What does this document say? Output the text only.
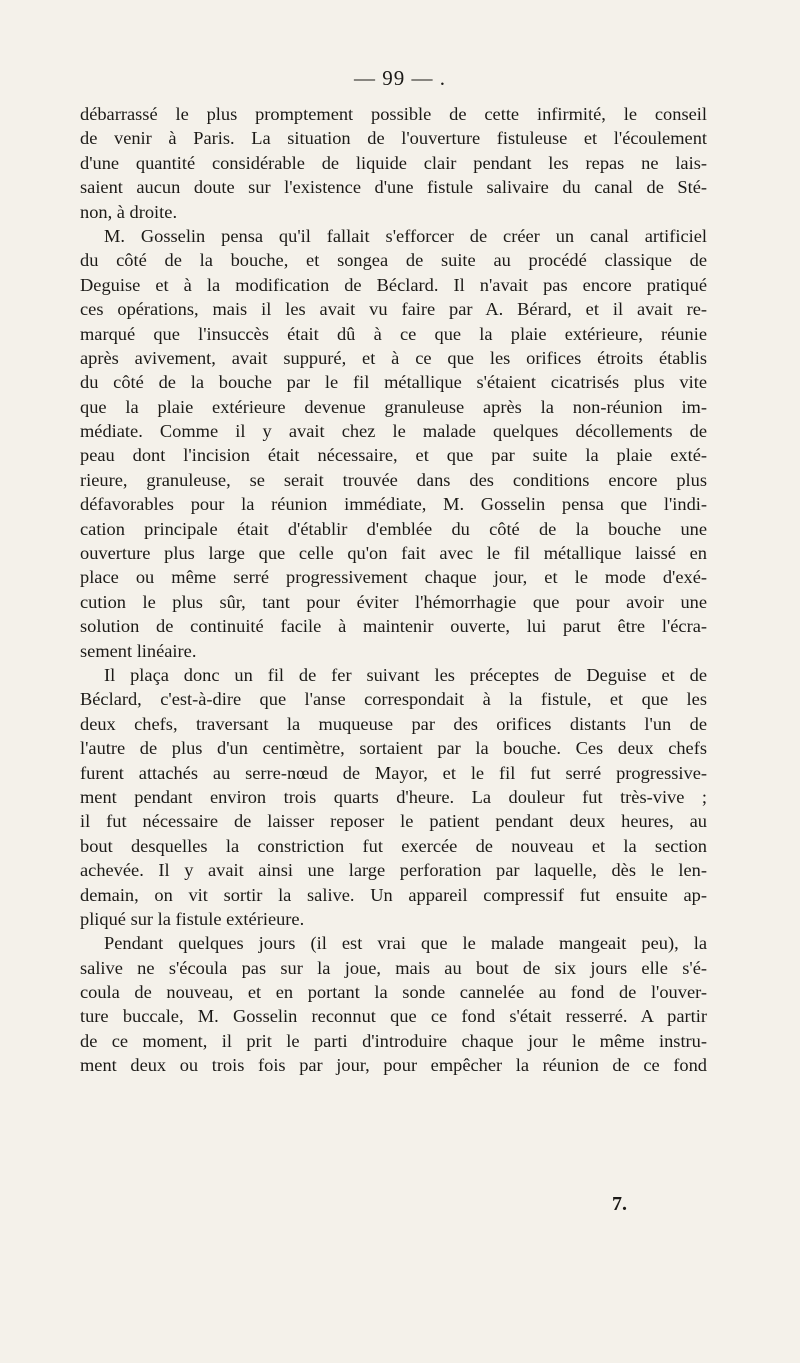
— 99 — .
débarrassé le plus promptement possible de cette infirmité, le conseil
de venir à Paris. La situation de l'ouverture fistuleuse et l'écoulement
d'une quantité considérable de liquide clair pendant les repas ne lais-
saient aucun doute sur l'existence d'une fistule salivaire du canal de Sté-
non, à droite.
M. Gosselin pensa qu'il fallait s'efforcer de créer un canal artificiel
du côté de la bouche, et songea de suite au procédé classique de
Deguise et à la modification de Béclard. Il n'avait pas encore pratiqué
ces opérations, mais il les avait vu faire par A. Bérard, et il avait re-
marqué que l'insuccès était dû à ce que la plaie extérieure, réunie
après avivement, avait suppuré, et à ce que les orifices étroits établis
du côté de la bouche par le fil métallique s'étaient cicatrisés plus vite
que la plaie extérieure devenue granuleuse après la non-réunion im-
médiate. Comme il y avait chez le malade quelques décollements de
peau dont l'incision était nécessaire, et que par suite la plaie exté-
rieure, granuleuse, se serait trouvée dans des conditions encore plus
défavorables pour la réunion immédiate, M. Gosselin pensa que l'indi-
cation principale était d'établir d'emblée du côté de la bouche une
ouverture plus large que celle qu'on fait avec le fil métallique laissé en
place ou même serré progressivement chaque jour, et le mode d'exé-
cution le plus sûr, tant pour éviter l'hémorrhagie que pour avoir une
solution de continuité facile à maintenir ouverte, lui parut être l'écra-
sement linéaire.
Il plaça donc un fil de fer suivant les préceptes de Deguise et de
Béclard, c'est-à-dire que l'anse correspondait à la fistule, et que les
deux chefs, traversant la muqueuse par des orifices distants l'un de
l'autre de plus d'un centimètre, sortaient par la bouche. Ces deux chefs
furent attachés au serre-nœud de Mayor, et le fil fut serré progressive-
ment pendant environ trois quarts d'heure. La douleur fut très-vive ;
il fut nécessaire de laisser reposer le patient pendant deux heures, au
bout desquelles la constriction fut exercée de nouveau et la section
achevée. Il y avait ainsi une large perforation par laquelle, dès le len-
demain, on vit sortir la salive. Un appareil compressif fut ensuite ap-
pliqué sur la fistule extérieure.
Pendant quelques jours (il est vrai que le malade mangeait peu), la
salive ne s'écoula pas sur la joue, mais au bout de six jours elle s'é-
coula de nouveau, et en portant la sonde cannelée au fond de l'ouver-
ture buccale, M. Gosselin reconnut que ce fond s'était resserré. A partir
de ce moment, il prit le parti d'introduire chaque jour le même instru-
ment deux ou trois fois par jour, pour empêcher la réunion de ce fond
7.
